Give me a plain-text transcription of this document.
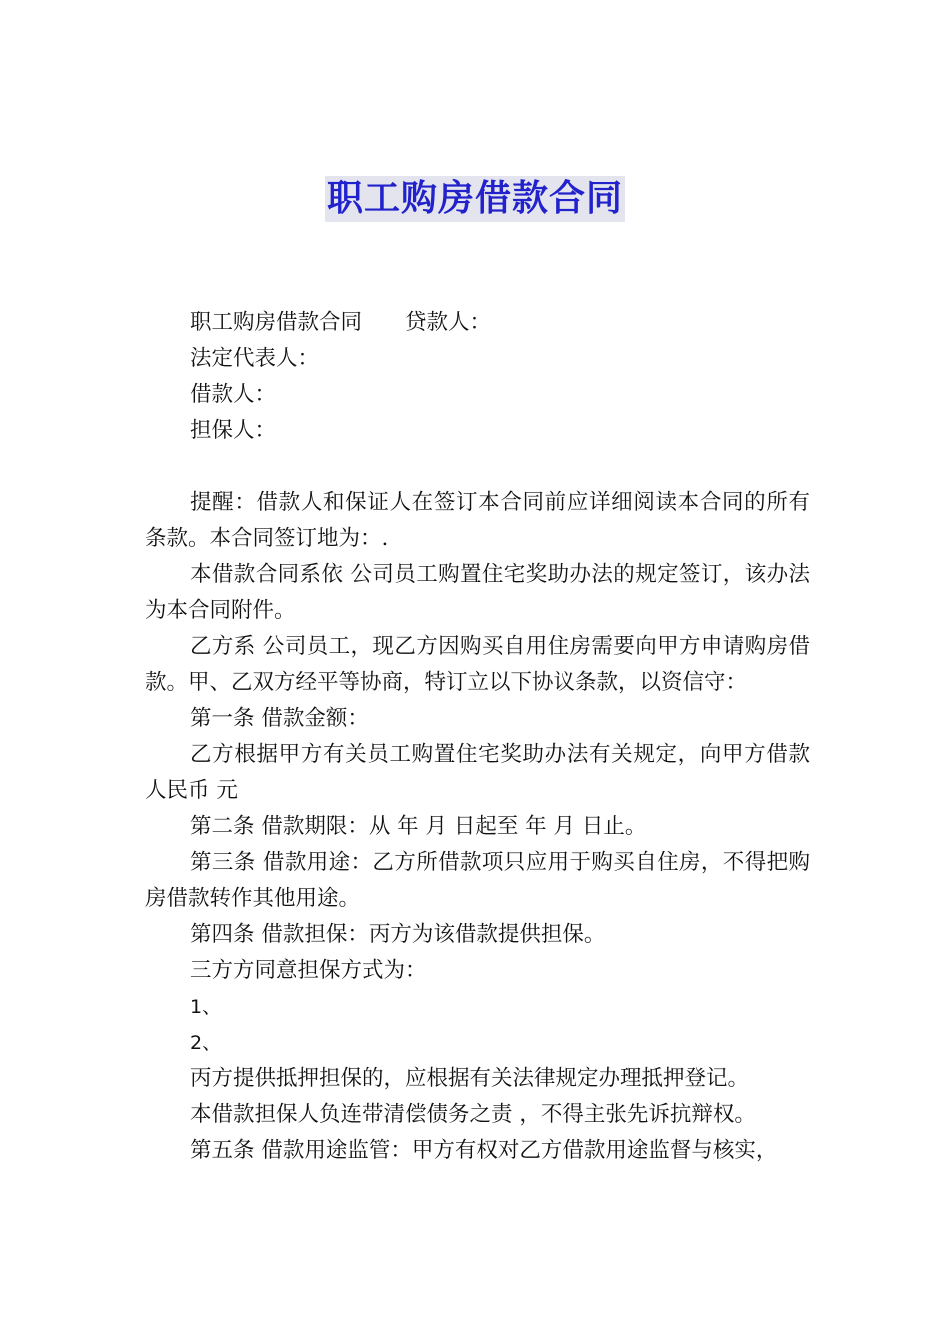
职工购房借款合同

职工购房借款合同　　贷款人：

法定代表人：

借款人：

担保人：

提醒：借款人和保证人在签订本合同前应详细阅读本合同的所有条款。本合同签订地为：.

本借款合同系依 公司员工购置住宅奖助办法的规定签订，该办法为本合同附件。

乙方系 公司员工，现乙方因购买自用住房需要向甲方申请购房借款。甲、乙双方经平等协商，特订立以下协议条款，以资信守：

第一条 借款金额：

乙方根据甲方有关员工购置住宅奖助办法有关规定，向甲方借款人民币 元

第二条 借款期限：从 年 月 日起至 年 月 日止。

第三条 借款用途：乙方所借款项只应用于购买自住房，不得把购房借款转作其他用途。

第四条 借款担保：丙方为该借款提供担保。

三方方同意担保方式为：

1、

2、

丙方提供抵押担保的，应根据有关法律规定办理抵押登记。

本借款担保人负连带清偿债务之责 ，不得主张先诉抗辩权。

第五条 借款用途监管：甲方有权对乙方借款用途监督与核实，
